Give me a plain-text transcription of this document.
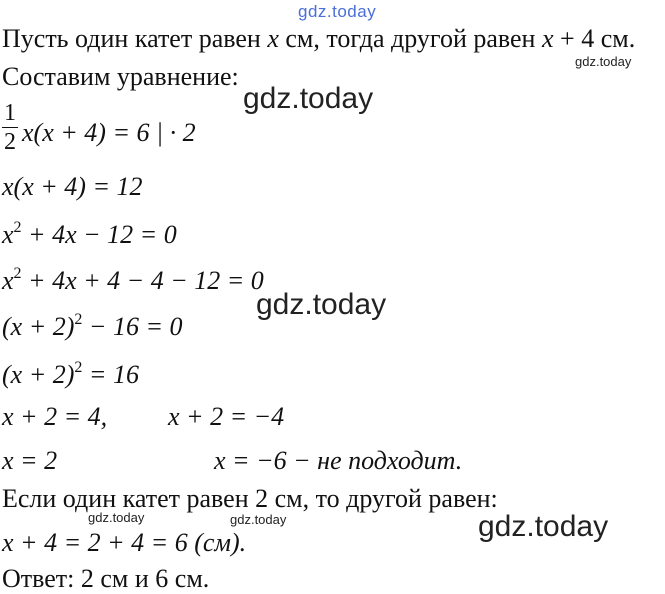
gdz.today
gdz.today
gdz.today
gdz.today
gdz.today	gdz.today	gdz.today
Пусть один катет равен x см, тогда другой равен x + 4 см.
Составим уравнение:
1
2 x(x + 4) = 6 | · 2
x(x + 4) = 12
$x^2 + 4x - 12 = 0$
$x^2 + 4x + 4 - 4 - 12 = 0$
$(x + 2)^2 - 16 = 0$
$(x + 2)^2 = 16$
x + 2 = 4, x + 2 = −4
x = 2	x = −6 − не подходит.
Если один катет равен 2 см, то другой равен:
x + 4 = 2 + 4 = 6 (см).
Ответ: 2 см и 6 см.
